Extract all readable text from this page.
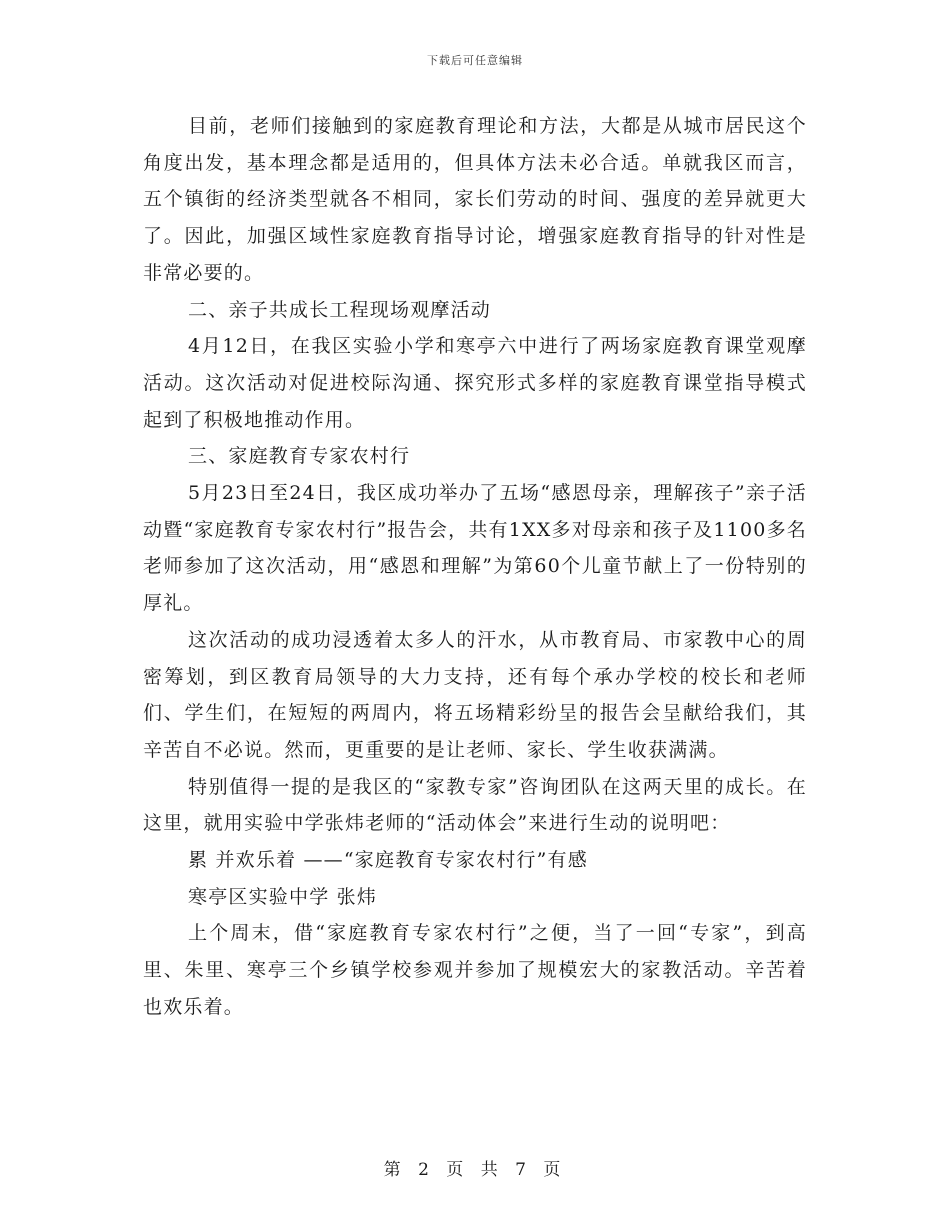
下载后可任意编辑

目前，老师们接触到的家庭教育理论和方法，大都是从城市居民这个角度出发，基本理念都是适用的，但具体方法未必合适。单就我区而言，五个镇街的经济类型就各不相同，家长们劳动的时间、强度的差异就更大了。因此，加强区域性家庭教育指导讨论，增强家庭教育指导的针对性是非常必要的。

二、亲子共成长工程现场观摩活动

4月12日，在我区实验小学和寒亭六中进行了两场家庭教育课堂观摩活动。这次活动对促进校际沟通、探究形式多样的家庭教育课堂指导模式起到了积极地推动作用。

三、家庭教育专家农村行

5月23日至24日，我区成功举办了五场“感恩母亲，理解孩子”亲子活动暨“家庭教育专家农村行”报告会，共有1XX多对母亲和孩子及1100多名老师参加了这次活动，用“感恩和理解”为第60个儿童节献上了一份特别的厚礼。

这次活动的成功浸透着太多人的汗水，从市教育局、市家教中心的周密筹划，到区教育局领导的大力支持，还有每个承办学校的校长和老师们、学生们，在短短的两周内，将五场精彩纷呈的报告会呈献给我们，其辛苦自不必说。然而，更重要的是让老师、家长、学生收获满满。

特别值得一提的是我区的“家教专家”咨询团队在这两天里的成长。在这里，就用实验中学张炜老师的“活动体会”来进行生动的说明吧：

累 并欢乐着 ——“家庭教育专家农村行”有感

寒亭区实验中学 张炜

上个周末，借“家庭教育专家农村行”之便，当了一回“专家”，到高里、朱里、寒亭三个乡镇学校参观并参加了规模宏大的家教活动。辛苦着也欢乐着。

第 2 页 共 7 页
